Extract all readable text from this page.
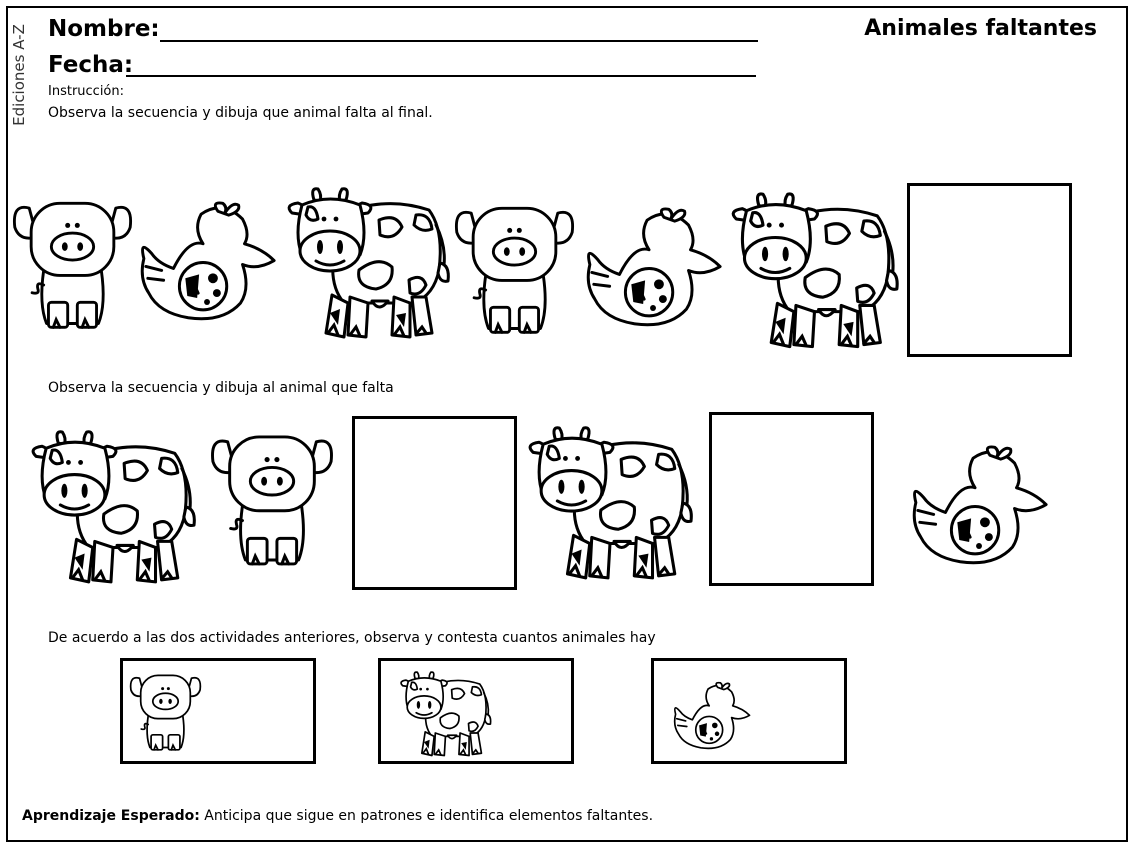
Ediciones A-Z Nombre:
Fecha:
Animales faltantes
Instrucción:
Observa la secuencia y dibuja que animal falta al final.
Observa la secuencia y dibuja al animal que falta
De acuerdo a las dos actividades anteriores, observa y contesta cuantos animales hay
Aprendizaje Esperado: Anticipa que sigue en patrones e identifica elementos faltantes.
